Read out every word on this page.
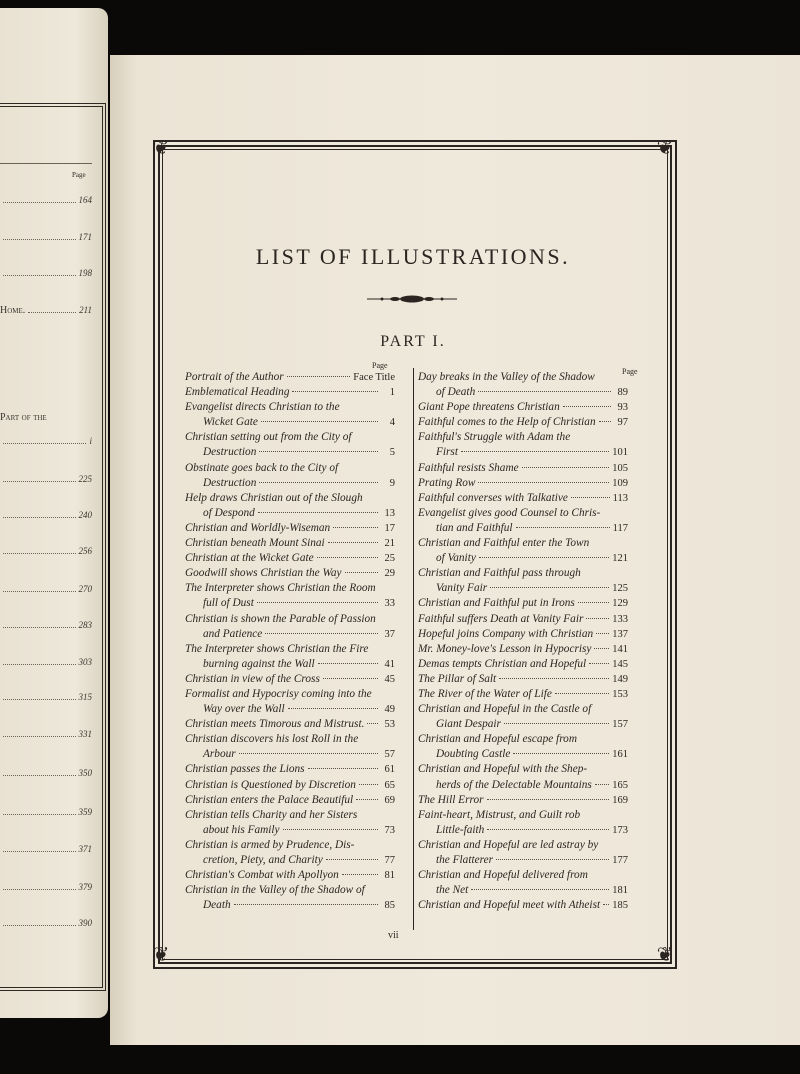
Page
164
171
198
Home.	211
Part of the
i
225
240
256
270
283
303
315
331
350
359
371
379
390
❦	❦
❦	❦
LIST OF ILLUSTRATIONS.
PART I.
Page
Page
Portrait of the Author	Face Title
Emblematical Heading	1
Evangelist directs Christian to the
Wicket Gate	4
Christian setting out from the City of
Destruction	5
Obstinate goes back to the City of
Destruction	9
Help draws Christian out of the Slough
of Despond	13
Christian and Worldly-Wiseman	17
Christian beneath Mount Sinai	21
Christian at the Wicket Gate	25
Goodwill shows Christian the Way	29
The Interpreter shows Christian the Room
full of Dust	33
Christian is shown the Parable of Passion
and Patience	37
The Interpreter shows Christian the Fire
burning against the Wall	41
Christian in view of the Cross	45
Formalist and Hypocrisy coming into the
Way over the Wall	49
Christian meets Timorous and Mistrust.	53
Christian discovers his lost Roll in the
Arbour	57
Christian passes the Lions	61
Christian is Questioned by Discretion	65
Christian enters the Palace Beautiful	69
Christian tells Charity and her Sisters
about his Family	73
Christian is armed by Prudence, Dis-
cretion, Piety, and Charity	77
Christian's Combat with Apollyon	81
Christian in the Valley of the Shadow of
Death	85
Day breaks in the Valley of the Shadow
of Death	89
Giant Pope threatens Christian	93
Faithful comes to the Help of Christian	97
Faithful's Struggle with Adam the
First	101
Faithful resists Shame	105
Prating Row	109
Faithful converses with Talkative	113
Evangelist gives good Counsel to Chris-
tian and Faithful	117
Christian and Faithful enter the Town
of Vanity	121
Christian and Faithful pass through
Vanity Fair	125
Christian and Faithful put in Irons	129
Faithful suffers Death at Vanity Fair	133
Hopeful joins Company with Christian 137
Mr. Money-love's Lesson in Hypocrisy 141
Demas tempts Christian and Hopeful 145
The Pillar of Salt	149
The River of the Water of Life	153
Christian and Hopeful in the Castle of
Giant Despair	157
Christian and Hopeful escape from
Doubting Castle	161
Christian and Hopeful with the Shep-
herds of the Delectable Mountains 165
The Hill Error	169
Faint-heart, Mistrust, and Guilt rob
Little-faith	173
Christian and Hopeful are led astray by
the Flatterer	177
Christian and Hopeful delivered from
the Net	181
Christian and Hopeful meet with Atheist 185
vii
